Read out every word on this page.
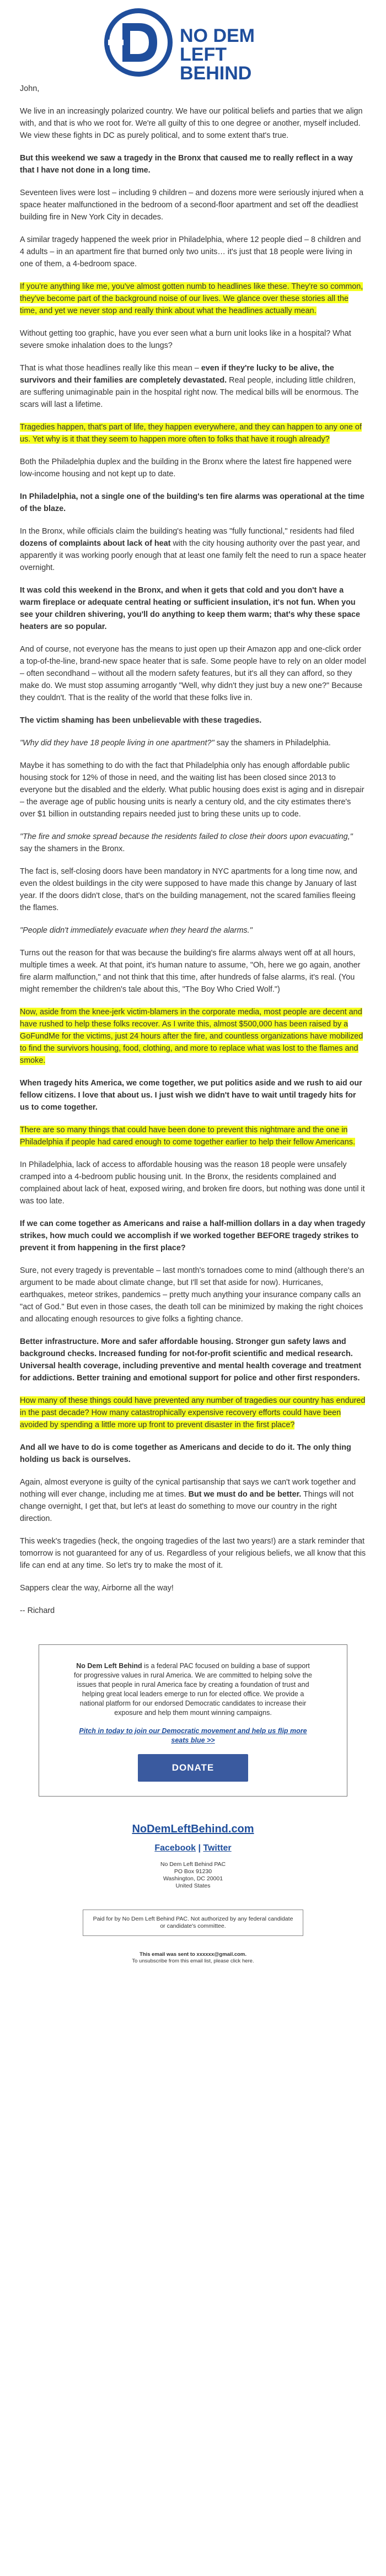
NO DEM
LEFT BEHIND

John,

We live in an increasingly polarized country. We have our political beliefs and parties that we align with, and that is who we root for. We're all guilty of this to one degree or another, myself included. We view these fights in DC as purely political, and to some extent that's true.

But this weekend we saw a tragedy in the Bronx that caused me to really reflect in a way that I have not done in a long time.

Seventeen lives were lost – including 9 children – and dozens more were seriously injured when a space heater malfunctioned in the bedroom of a second-floor apartment and set off the deadliest building fire in New York City in decades.

A similar tragedy happened the week prior in Philadelphia, where 12 people died – 8 children and 4 adults – in an apartment fire that burned only two units… it's just that 18 people were living in one of them, a 4-bedroom space.

If you're anything like me, you've almost gotten numb to headlines like these. They're so common, they've become part of the background noise of our lives. We glance over these stories all the time, and yet we never stop and really think about what the headlines actually mean.

Without getting too graphic, have you ever seen what a burn unit looks like in a hospital? What severe smoke inhalation does to the lungs?

That is what those headlines really like this mean – even if they're lucky to be alive, the survivors and their families are completely devastated. Real people, including little children, are suffering unimaginable pain in the hospital right now. The medical bills will be enormous. The scars will last a lifetime.

Tragedies happen, that's part of life, they happen everywhere, and they can happen to any one of us. Yet why is it that they seem to happen more often to folks that have it rough already?

Both the Philadelphia duplex and the building in the Bronx where the latest fire happened were low-income housing and not kept up to date.

In Philadelphia, not a single one of the building's ten fire alarms was operational at the time of the blaze.

In the Bronx, while officials claim the building's heating was "fully functional," residents had filed dozens of complaints about lack of heat with the city housing authority over the past year, and apparently it was working poorly enough that at least one family felt the need to run a space heater overnight.

It was cold this weekend in the Bronx, and when it gets that cold and you don't have a warm fireplace or adequate central heating or sufficient insulation, it's not fun. When you see your children shivering, you'll do anything to keep them warm; that's why these space heaters are so popular.

And of course, not everyone has the means to just open up their Amazon app and one-click order a top-of-the-line, brand-new space heater that is safe. Some people have to rely on an older model – often secondhand – without all the modern safety features, but it's all they can afford, so they make do. We must stop assuming arrogantly "Well, why didn't they just buy a new one?" Because they couldn't. That is the reality of the world that these folks live in.

The victim shaming has been unbelievable with these tragedies.

"Why did they have 18 people living in one apartment?" say the shamers in Philadelphia.

Maybe it has something to do with the fact that Philadelphia only has enough affordable public housing stock for 12% of those in need, and the waiting list has been closed since 2013 to everyone but the disabled and the elderly. What public housing does exist is aging and in disrepair – the average age of public housing units is nearly a century old, and the city estimates there's over $1 billion in outstanding repairs needed just to bring these units up to code.

"The fire and smoke spread because the residents failed to close their doors upon evacuating," say the shamers in the Bronx.

The fact is, self-closing doors have been mandatory in NYC apartments for a long time now, and even the oldest buildings in the city were supposed to have made this change by January of last year. If the doors didn't close, that's on the building management, not the scared families fleeing the flames.

"People didn't immediately evacuate when they heard the alarms."

Turns out the reason for that was because the building's fire alarms always went off at all hours, multiple times a week. At that point, it's human nature to assume, "Oh, here we go again, another fire alarm malfunction," and not think that this time, after hundreds of false alarms, it's real. (You might remember the children's tale about this, "The Boy Who Cried Wolf.")

Now, aside from the knee-jerk victim-blamers in the corporate media, most people are decent and have rushed to help these folks recover. As I write this, almost $500,000 has been raised by a GoFundMe for the victims, just 24 hours after the fire, and countless organizations have mobilized to find the survivors housing, food, clothing, and more to replace what was lost to the flames and smoke.

When tragedy hits America, we come together, we put politics aside and we rush to aid our fellow citizens. I love that about us. I just wish we didn't have to wait until tragedy hits for us to come together.

There are so many things that could have been done to prevent this nightmare and the one in Philadelphia if people had cared enough to come together earlier to help their fellow Americans.

In Philadelphia, lack of access to affordable housing was the reason 18 people were unsafely cramped into a 4-bedroom public housing unit. In the Bronx, the residents complained and complained about lack of heat, exposed wiring, and broken fire doors, but nothing was done until it was too late.

If we can come together as Americans and raise a half-million dollars in a day when tragedy strikes, how much could we accomplish if we worked together BEFORE tragedy strikes to prevent it from happening in the first place?

Sure, not every tragedy is preventable – last month's tornadoes come to mind (although there's an argument to be made about climate change, but I'll set that aside for now). Hurricanes, earthquakes, meteor strikes, pandemics – pretty much anything your insurance company calls an "act of God." But even in those cases, the death toll can be minimized by making the right choices and allocating enough resources to give folks a fighting chance.

Better infrastructure. More and safer affordable housing. Stronger gun safety laws and background checks. Increased funding for not-for-profit scientific and medical research. Universal health coverage, including preventive and mental health coverage and treatment for addictions. Better training and emotional support for police and other first responders.

How many of these things could have prevented any number of tragedies our country has endured in the past decade? How many catastrophically expensive recovery efforts could have been avoided by spending a little more up front to prevent disaster in the first place?

And all we have to do is come together as Americans and decide to do it. The only thing holding us back is ourselves.

Again, almost everyone is guilty of the cynical partisanship that says we can't work together and nothing will ever change, including me at times. But we must do and be better. Things will not change overnight, I get that, but let's at least do something to move our country in the right direction.

This week's tragedies (heck, the ongoing tragedies of the last two years!) are a stark reminder that tomorrow is not guaranteed for any of us. Regardless of your religious beliefs, we all know that this life can end at any time. So let's try to make the most of it.

Sappers clear the way, Airborne all the way!

-- Richard

No Dem Left Behind is a federal PAC focused on building a base of support for progressive values in rural America. We are committed to helping solve the issues that people in rural America face by creating a foundation of trust and helping great local leaders emerge to run for elected office. We provide a national platform for our endorsed Democratic candidates to increase their exposure and help them mount winning campaigns.

Pitch in today to join our Democratic movement and help us flip more seats blue >>

DONATE
NoDemLeftBehind.com
Facebook | Twitter
No Dem Left Behind PAC
PO Box 91230
Washington, DC 20001
United States
Paid for by No Dem Left Behind PAC. Not authorized by any federal candidate or candidate's committee.
This email was sent to xxxxxx@gmail.com.
To unsubscribe from this email list, please click here.
